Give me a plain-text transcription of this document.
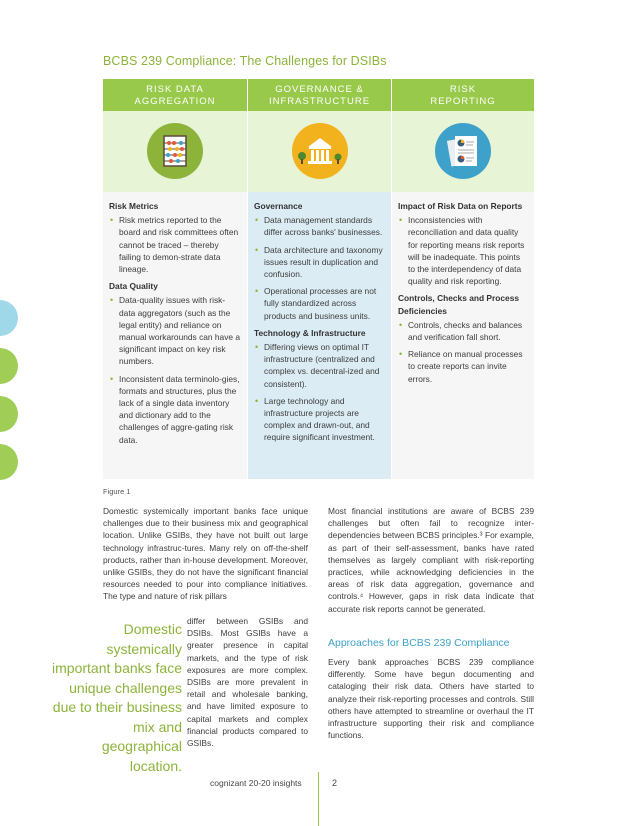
BCBS 239 Compliance: The Challenges for DSIBs
RISK DATA
AGGREGATION
Risk Metrics
• Risk metrics reported to the board and risk committees often cannot be traced – thereby failing to demon-strate data lineage.
Data Quality
• Data-quality issues with risk-data aggregators (such as the legal entity) and reliance on manual workarounds can have a significant impact on key risk numbers.
• Inconsistent data terminolo-gies, formats and structures, plus the lack of a single data inventory and dictionary add to the challenges of aggre-gating risk data.
GOVERNANCE &
INFRASTRUCTURE
Governance
• Data management standards differ across banks' businesses.
• Data architecture and taxonomy issues result in duplication and confusion.
• Operational processes are not fully standardized across products and business units.
Technology & Infrastructure
• Differing views on optimal IT infrastructure (centralized and complex vs. decentral-ized and consistent).
• Large technology and infrastructure projects are complex and drawn-out, and require significant investment.
RISK
REPORTING
Impact of Risk Data on Reports
• Inconsistencies with reconciliation and data quality for reporting means risk reports will be inadequate. This points to the interdependency of data quality and risk reporting.
Controls, Checks and Process Deficiencies
• Controls, checks and balances and verification fall short.
• Reliance on manual processes to create reports can invite errors.
Figure 1
Domestic systemically important banks face unique challenges due to their business mix and geographical location. Unlike GSIBs, they have not built out large technology infrastruc-tures. Many rely on off-the-shelf products, rather than in-house development. Moreover, unlike GSIBs, they do not have the significant financial resources needed to pour into compliance initiatives. The type and nature of risk pillars
differ between GSIBs and DSIBs. Most GSIBs have a greater presence in capital markets, and the type of risk exposures are more complex. DSIBs are more prevalent in retail and wholesale banking, and have limited exposure to capital markets and complex financial products compared to GSIBs.
Domestic systemically important banks face unique challenges due to their business mix and geographical location.
Most financial institutions are aware of BCBS 239 challenges but often fail to recognize inter-dependencies between BCBS principles.³ For example, as part of their self-assessment, banks have rated themselves as largely compliant with risk-reporting practices, while acknowledging deficiencies in the areas of risk data aggregation, governance and controls.⁴ However, gaps in risk data indicate that accurate risk reports cannot be generated.
Approaches for BCBS 239 Compliance
Every bank approaches BCBS 239 compliance differently. Some have begun documenting and cataloging their risk data. Others have started to analyze their risk-reporting processes and controls. Still others have attempted to streamline or overhaul the IT infrastructure supporting their risk and compliance functions.
cognizant 20-20 insights	2
